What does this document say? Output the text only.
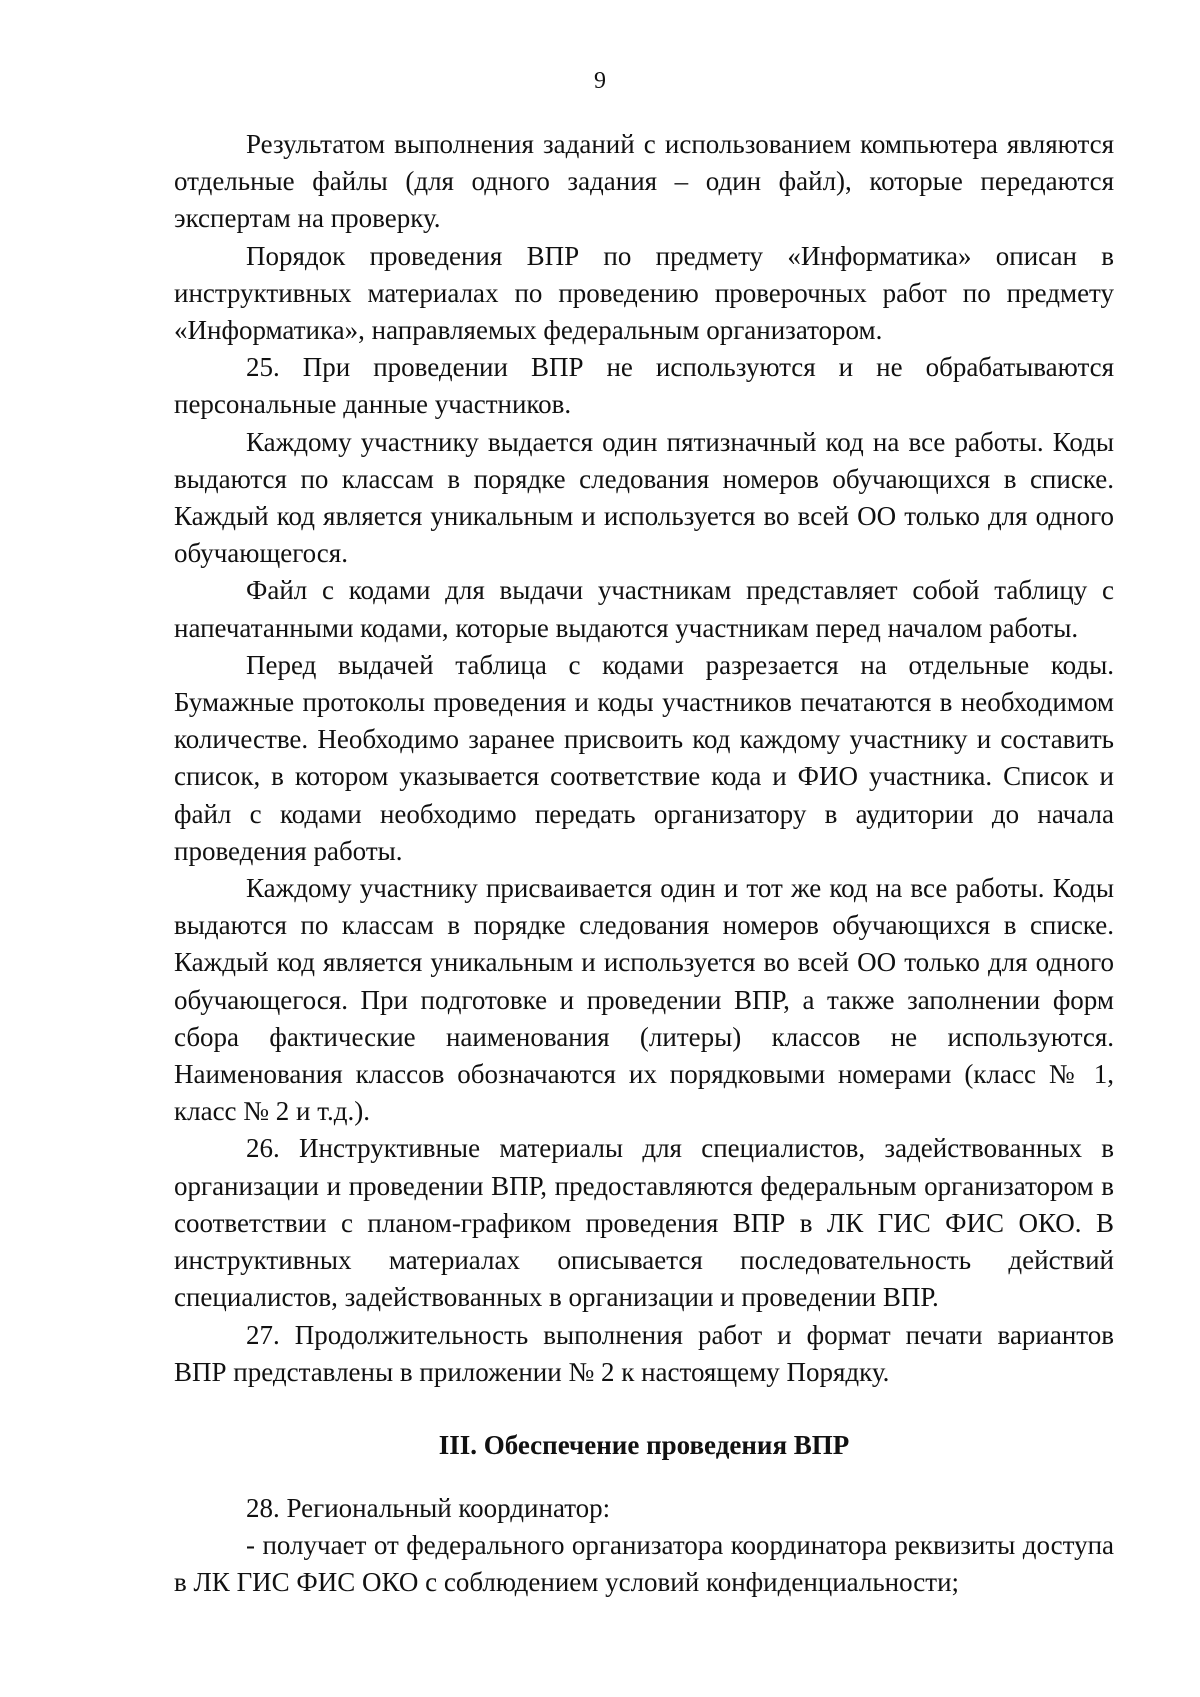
9

Результатом выполнения заданий с использованием компьютера являются отдельные файлы (для одного задания – один файл), которые передаются экспертам на проверку.

Порядок проведения ВПР по предмету «Информатика» описан в инструктивных материалах по проведению проверочных работ по предмету «Информатика», направляемых федеральным организатором.

25. При проведении ВПР не используются и не обрабатываются персональные данные участников.

Каждому участнику выдается один пятизначный код на все работы. Коды выдаются по классам в порядке следования номеров обучающихся в списке. Каждый код является уникальным и используется во всей ОО только для одного обучающегося.

Файл с кодами для выдачи участникам представляет собой таблицу с напечатанными кодами, которые выдаются участникам перед началом работы.

Перед выдачей таблица с кодами разрезается на отдельные коды. Бумажные протоколы проведения и коды участников печатаются в необходимом количестве. Необходимо заранее присвоить код каждому участнику и составить список, в котором указывается соответствие кода и ФИО участника. Список и файл с кодами необходимо передать организатору в аудитории до начала проведения работы.

Каждому участнику присваивается один и тот же код на все работы. Коды выдаются по классам в порядке следования номеров обучающихся в списке. Каждый код является уникальным и используется во всей ОО только для одного обучающегося. При подготовке и проведении ВПР, а также заполнении форм сбора фактические наименования (литеры) классов не используются. Наименования классов обозначаются их порядковыми номерами (класс № 1, класс № 2 и т.д.).

26. Инструктивные материалы для специалистов, задействованных в организации и проведении ВПР, предоставляются федеральным организатором в соответствии с планом-графиком проведения ВПР в ЛК ГИС ФИС ОКО. В инструктивных материалах описывается последовательность действий специалистов, задействованных в организации и проведении ВПР.

27. Продолжительность выполнения работ и формат печати вариантов ВПР представлены в приложении № 2 к настоящему Порядку.

III. Обеспечение проведения ВПР

28. Региональный координатор:

- получает от федерального организатора координатора реквизиты доступа в ЛК ГИС ФИС ОКО с соблюдением условий конфиденциальности;
